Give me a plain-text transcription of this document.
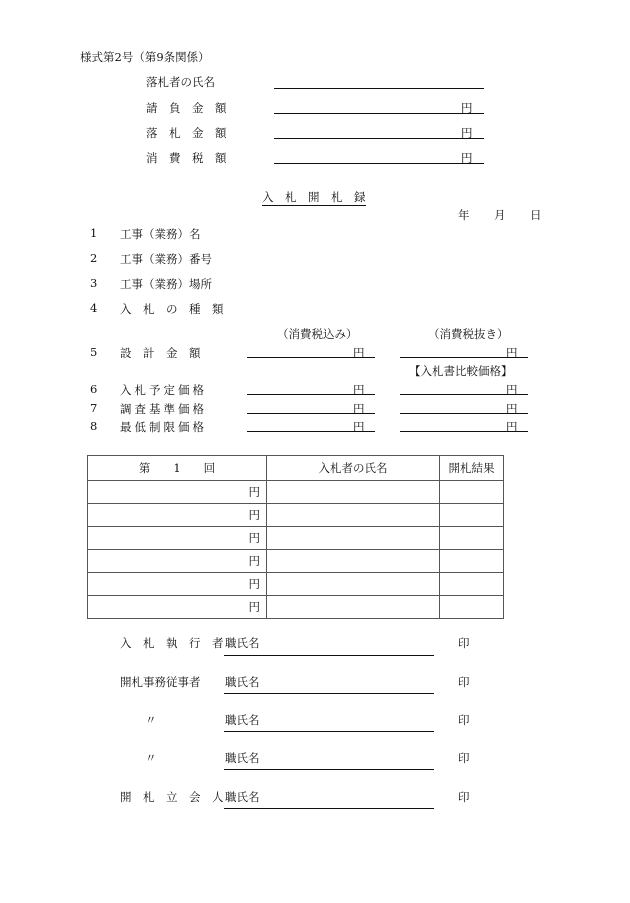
様式第2号（第9条関係）
落札者の氏名
請　負　金　額	円
落　札　金　額	円
消　費　税　額	円
入　札　開　札　録
年 月 日
1 工事（業務）名
2 工事（業務）番号
3 工事（業務）場所
4 入　札　の　種　類
（消費税込み）	（消費税抜き）
5 設　計　金　額	円	円
【入札書比較価格】
6 入札予定価格	円	円
7 調査基準価格	円	円
8 最低制限価格	円	円
第　　1　　回	入札者の氏名	開札結果
円		
円		
円		
円		
円		
円		
入　札　執　行　者 職氏名	印
開札事務従事者 職氏名	印
〃	職氏名	印
〃	職氏名	印
開　札　立　会　人 職氏名	印
